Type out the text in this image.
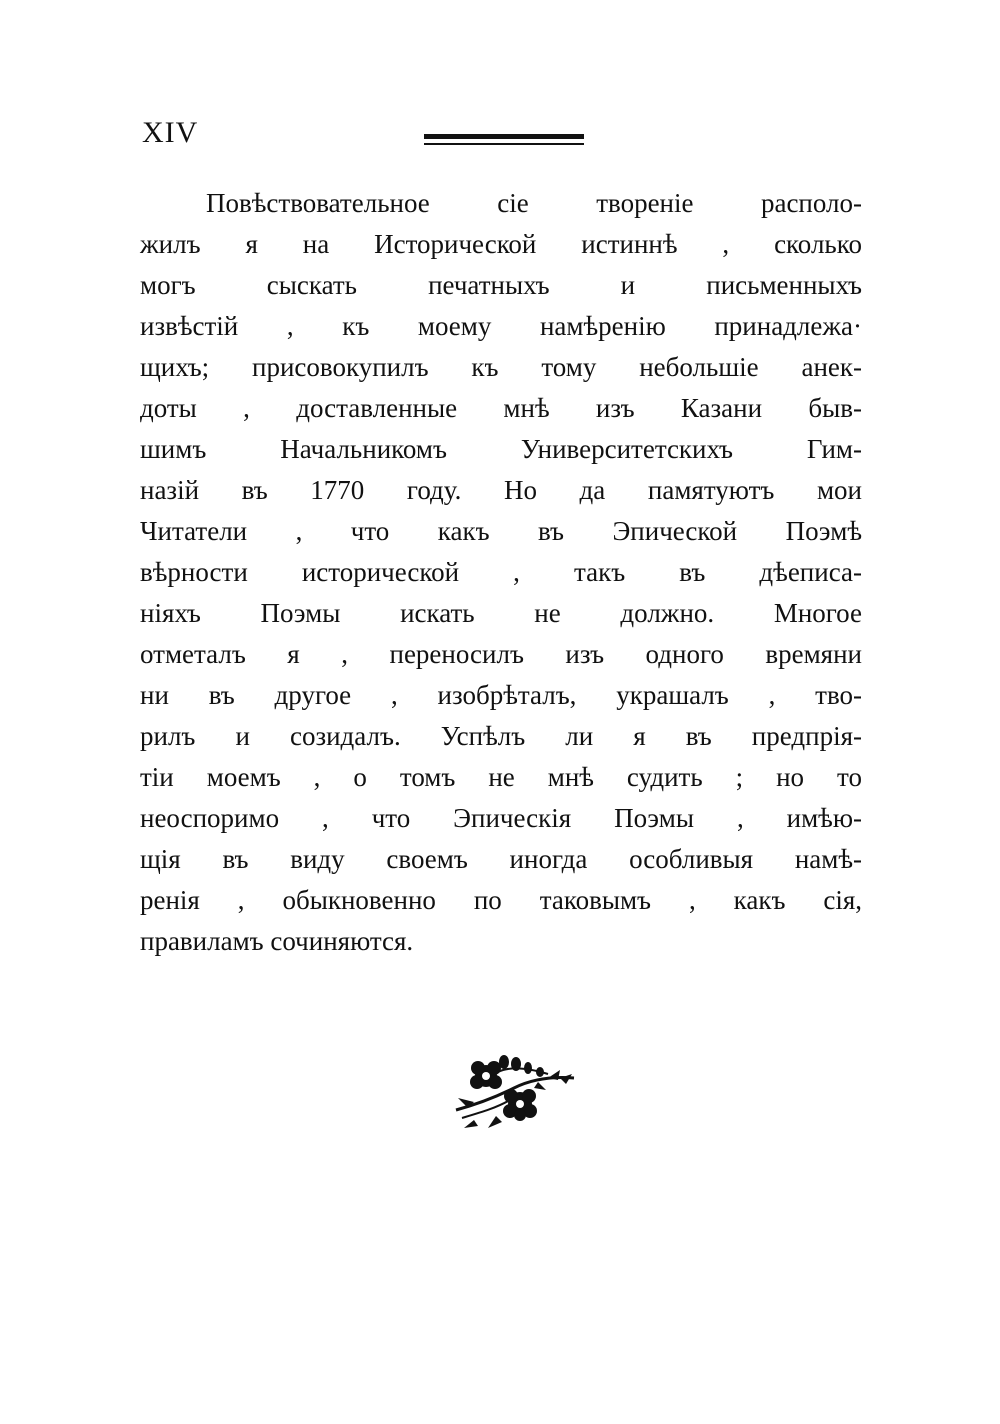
XIV
Повѣствовательное сіе твореніе располо-
жилъ я на Исторической истиннѣ , сколько
могъ сыскать печатныхъ и письменныхъ
извѣстій , къ моему намѣренію принадлежа·
щихъ; присовокупилъ къ тому небольшіе анек-
доты , доставленные мнѣ изъ Казани быв-
шимъ Начальникомъ Университетскихъ Гим-
назій въ 1770 году. Но да памятуютъ мои
Читатели , что какъ въ Эпической Поэмѣ
вѣрности исторической , такъ въ дѣеписа-
ніяхъ Поэмы искать не должно. Многое
отметалъ я , переносилъ изъ одного времяни
ни въ другое , изобрѣталъ, украшалъ , тво-
рилъ и созидалъ. Успѣлъ ли я въ предпрія-
тіи моемъ , о томъ не мнѣ судить ; но то
неоспоримо , что Эпическія Поэмы , имѣю-
щія въ виду своемъ иногда особливыя намѣ-
ренія , обыкновенно по таковымъ , какъ сія,
правиламъ сочиняются.
